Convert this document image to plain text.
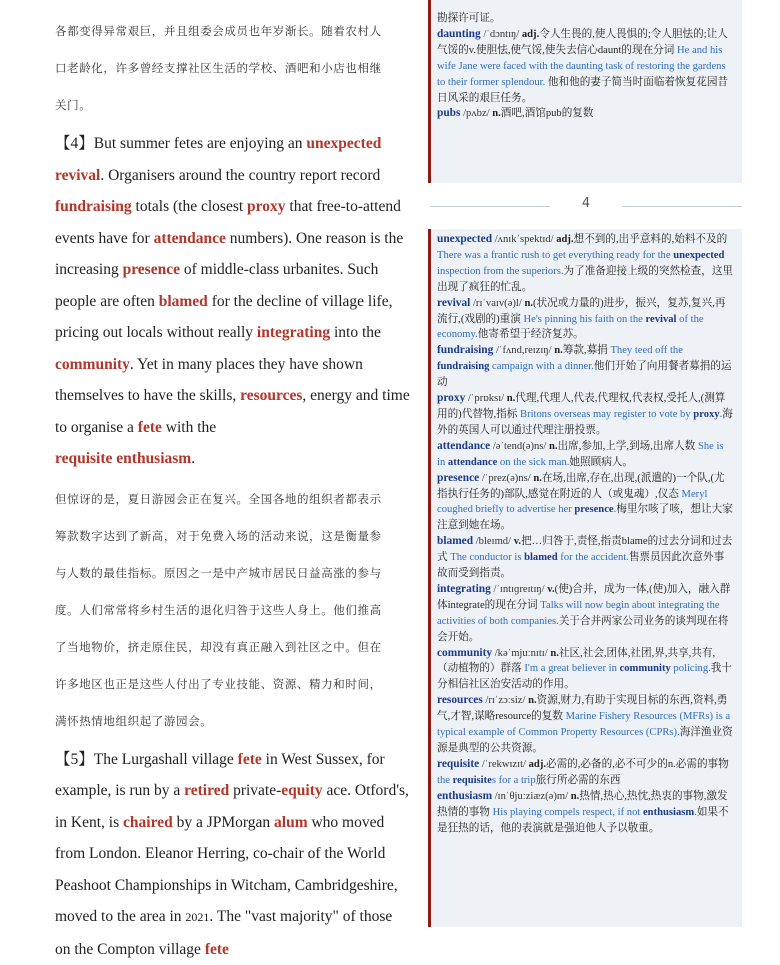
各都变得异常艰巨，并且组委会成员也年岁渐长。随着农村人
口老龄化，许多曾经支撑社区生活的学校、酒吧和小店也相继
关门。

【4】But summer fetes are enjoying an unexpected
revival. Organisers around the country report record fundraising totals (the closest proxy that free-to-attend events have for attendance numbers). One reason is the increasing presence of middle-class urbanites. Such people are often blamed for the decline of village life, pricing out locals without really integrating into the community. Yet in many places they have shown themselves to have the skills, resources, energy and time to organise a fete with the
requisite enthusiasm.

但惊讶的是，夏日游园会正在复兴。全国各地的组织者都表示
筹款数字达到了新高，对于免费入场的活动来说，这是衡量参
与人数的最佳指标。原因之一是中产城市居民日益高涨的参与
度。人们常常将乡村生活的退化归咎于这些人身上。他们推高
了当地物价，挤走原住民，却没有真正融入到社区之中。但在
许多地区也正是这些人付出了专业技能、资源、精力和时间，
满怀热情地组织起了游园会。

【5】The Lurgashall village fete in West Sussex, for example, is run by a retired private-equity ace. Otford's, in Kent, is chaired by a JPMorgan alum who moved from London. Eleanor Herring, co-chair of the World Peashoot Championships in Witcham, Cambridgeshire, moved to the area in 2021. The "vast majority" of those on the Compton village fete

勘探许可证。

daunting /ˈdɔntɪŋ/ adj.令人生畏的,使人畏惧的;令人胆怯的;让人气馁的v.使胆怯,使气馁,使失去信心daunt的现在分词 He and his wife Jane were faced with the daunting task of restoring the gardens to their former splendour. 他和他的妻子简当时面临着恢复花园昔日风采的艰巨任务。

pubs /pʌbz/ n.酒吧,酒馆pub的复数

4

unexpected /ʌnɪkˈspektɪd/ adj.想不到的,出乎意料的,始料不及的 There was a frantic rush to get everything ready for the unexpected inspection from the superiors.为了准备迎接上级的突然检查，这里出现了疯狂的忙乱。

revival /rɪˈvaɪv(ə)l/ n.(状况或力量的)进步，振兴，复苏,复兴,再流行,(戏剧的)重演 He's pinning his faith on the revival of the economy.他寄希望于经济复苏。

fundraising /ˈfʌnd,reɪzɪŋ/ n.筹款,募捐 They teed off the fundraising campaign with a dinner.他们开始了向用餐者募捐的运动

proxy /ˈprɒksɪ/ n.代理,代理人,代表,代理权,代表权,受托人,(测算用的)代替物,指标 Britons overseas may register to vote by proxy.海外的英国人可以通过代理注册投票。

attendance /əˈtend(ə)ns/ n.出席,参加,上学,到场,出席人数 She is in attendance on the sick man.她照顾病人。

presence /ˈprez(ə)ns/ n.在场,出席,存在,出现,(派遣的)一个队,(尤指执行任务的)部队,感觉在附近的人（或鬼魂）,仪态 Meryl coughed briefly to advertise her presence.梅里尔咳了咳，想让大家注意到她在场。

blamed /bleɪmd/ v.把…归咎于,责怪,指责blame的过去分词和过去式 The conductor is blamed for the accident.售票员因此次意外事故而受到指责。

integrating /ˈɪntɪɡreɪtɪŋ/ v.(使)合并，成为一体,(使)加入，融入群体integrate的现在分词 Talks will now begin about integrating the activities of both companies.关于合并两家公司业务的谈判现在将会开始。

community /kəˈmjuːnɪtɪ/ n.社区,社会,团体,社团,界,共享,共有,（动植物的）群落 I'm a great believer in community policing.我十分相信社区治安活动的作用。

resources /rɪˈzɔːsiz/ n.资源,财力,有助于实现目标的东西,资料,勇气,才智,谋略resource的复数 Marine Fishery Resources (MFRs) is a typical example of Common Property Resources (CPRs).海洋渔业资源是典型的公共资源。

requisite /ˈrekwɪzɪt/ adj.必需的,必备的,必不可少的n.必需的事物 the requisites for a trip旅行所必需的东西

enthusiasm /ɪnˈθjuːziæz(ə)m/ n.热情,热心,热忱,热衷的事物,激发热情的事物 His playing compels respect, if not enthusiasm.如果不是狂热的话，他的表演就是强迫他人予以敬重。
